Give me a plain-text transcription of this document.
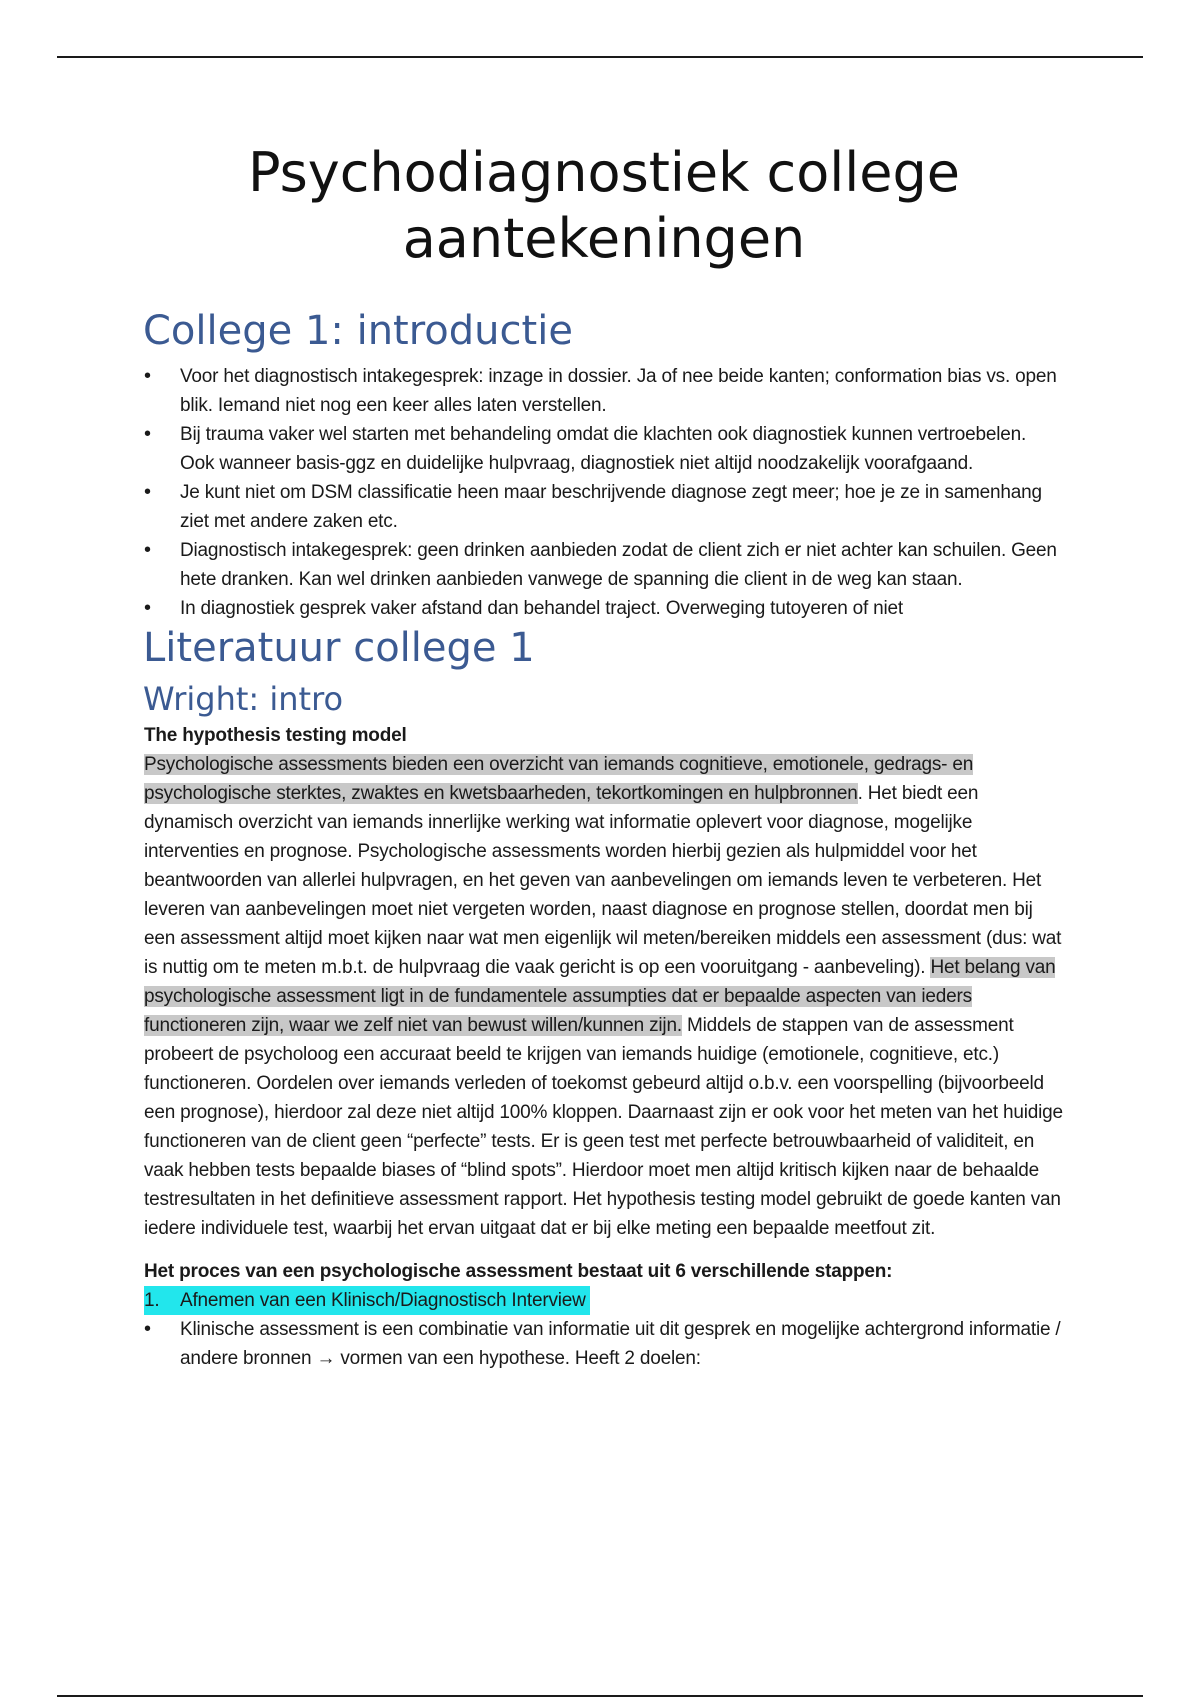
Psychodiagnostiek college
aantekeningen
College 1: introductie
•	Voor het diagnostisch intakegesprek: inzage in dossier. Ja of nee beide kanten; conformation bias vs. open blik. Iemand niet nog een keer alles laten verstellen.
•	Bij trauma vaker wel starten met behandeling omdat die klachten ook diagnostiek kunnen vertroebelen. Ook wanneer basis-ggz en duidelijke hulpvraag, diagnostiek niet altijd noodzakelijk voorafgaand.
•	Je kunt niet om DSM classificatie heen maar beschrijvende diagnose zegt meer; hoe je ze in samenhang ziet met andere zaken etc.
•	Diagnostisch intakegesprek: geen drinken aanbieden zodat de client zich er niet achter kan schuilen. Geen hete dranken. Kan wel drinken aanbieden vanwege de spanning die client in de weg kan staan.
•	In diagnostiek gesprek vaker afstand dan behandel traject. Overweging tutoyeren of niet
Literatuur college 1
Wright: intro

The hypothesis testing model

Psychologische assessments bieden een overzicht van iemands cognitieve, emotionele, gedrags- en psychologische sterktes, zwaktes en kwetsbaarheden, tekortkomingen en hulpbronnen. Het biedt een dynamisch overzicht van iemands innerlijke werking wat informatie oplevert voor diagnose, mogelijke interventies en prognose. Psychologische assessments worden hierbij gezien als hulpmiddel voor het beantwoorden van allerlei hulpvragen, en het geven van aanbevelingen om iemands leven te verbeteren. Het leveren van aanbevelingen moet niet vergeten worden, naast diagnose en prognose stellen, doordat men bij een assessment altijd moet kijken naar wat men eigenlijk wil meten/bereiken middels een assessment (dus: wat is nuttig om te meten m.b.t. de hulpvraag die vaak gericht is op een vooruitgang - aanbeveling). Het belang van psychologische assessment ligt in de fundamentele assumpties dat er bepaalde aspecten van ieders functioneren zijn, waar we zelf niet van bewust willen/kunnen zijn. Middels de stappen van de assessment probeert de psycholoog een accuraat beeld te krijgen van iemands huidige (emotionele, cognitieve, etc.) functioneren. Oordelen over iemands verleden of toekomst gebeurd altijd o.b.v. een voorspelling (bijvoorbeeld een prognose), hierdoor zal deze niet altijd 100% kloppen. Daarnaast zijn er ook voor het meten van het huidige functioneren van de client geen “perfecte” tests. Er is geen test met perfecte betrouwbaarheid of validiteit, en vaak hebben tests bepaalde biases of “blind spots”. Hierdoor moet men altijd kritisch kijken naar de behaalde testresultaten in het definitieve assessment rapport. Het hypothesis testing model gebruikt de goede kanten van iedere individuele test, waarbij het ervan uitgaat dat er bij elke meting een bepaalde meetfout zit.

Het proces van een psychologische assessment bestaat uit 6 verschillende stappen:

1. Afnemen van een Klinisch/Diagnostisch Interview

•	Klinische assessment is een combinatie van informatie uit dit gesprek en mogelijke achtergrond informatie / andere bronnen → vormen van een hypothese. Heeft 2 doelen:
